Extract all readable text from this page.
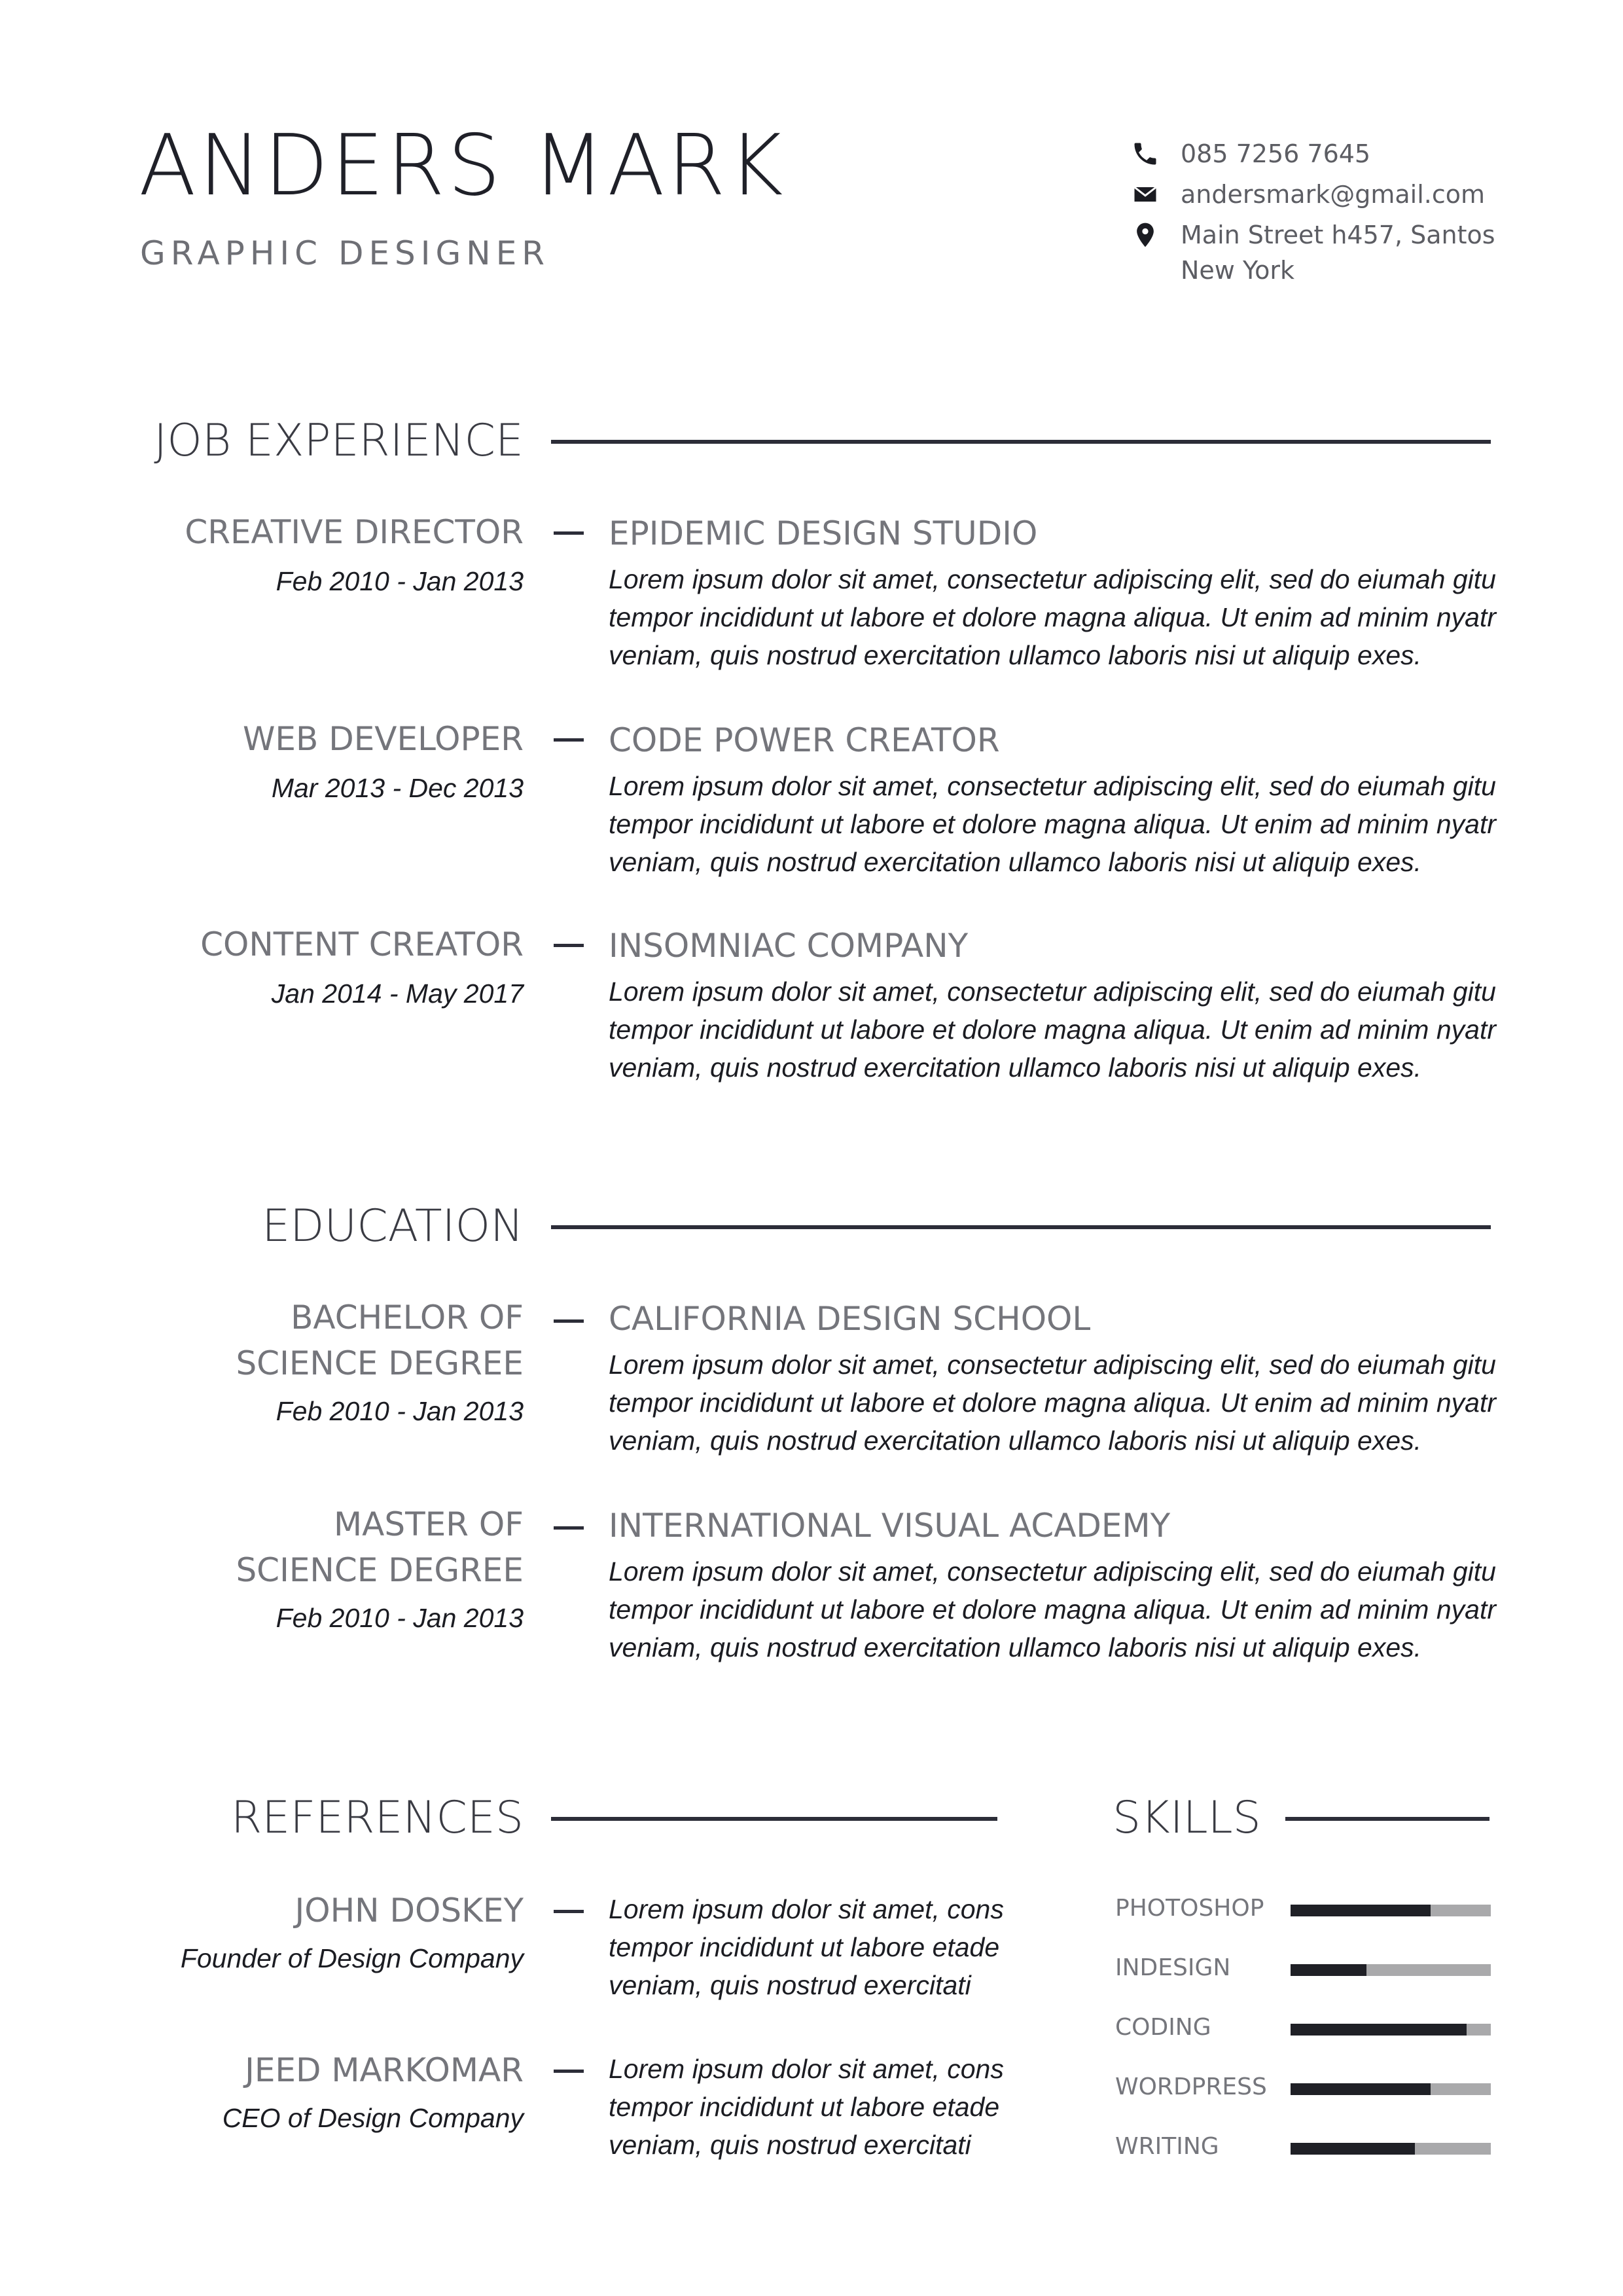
ANDERS MARK
GRAPHIC DESIGNER
085 7256 7645
andersmark@gmail.com
Main Street h457, Santos
New York
JOB EXPERIENCE
CREATIVE DIRECTOR
Feb 2010 - Jan 2013
EPIDEMIC DESIGN STUDIO
Lorem ipsum dolor sit amet, consectetur adipiscing elit, sed do eiumah gitu tempor incididunt ut labore et dolore magna aliqua. Ut enim ad minim nyatr veniam, quis nostrud exercitation ullamco laboris nisi ut aliquip exes.
WEB DEVELOPER
Mar 2013 - Dec 2013
CODE POWER CREATOR
Lorem ipsum dolor sit amet, consectetur adipiscing elit, sed do eiumah gitu tempor incididunt ut labore et dolore magna aliqua. Ut enim ad minim nyatr veniam, quis nostrud exercitation ullamco laboris nisi ut aliquip exes.
CONTENT CREATOR
Jan 2014 - May 2017
INSOMNIAC COMPANY
Lorem ipsum dolor sit amet, consectetur adipiscing elit, sed do eiumah gitu tempor incididunt ut labore et dolore magna aliqua. Ut enim ad minim nyatr veniam, quis nostrud exercitation ullamco laboris nisi ut aliquip exes.
EDUCATION
BACHELOR OF
SCIENCE DEGREE
Feb 2010 - Jan 2013
CALIFORNIA DESIGN SCHOOL
Lorem ipsum dolor sit amet, consectetur adipiscing elit, sed do eiumah gitu tempor incididunt ut labore et dolore magna aliqua. Ut enim ad minim nyatr veniam, quis nostrud exercitation ullamco laboris nisi ut aliquip exes.
MASTER OF
SCIENCE DEGREE
Feb 2010 - Jan 2013
INTERNATIONAL VISUAL ACADEMY
Lorem ipsum dolor sit amet, consectetur adipiscing elit, sed do eiumah gitu tempor incididunt ut labore et dolore magna aliqua. Ut enim ad minim nyatr veniam, quis nostrud exercitation ullamco laboris nisi ut aliquip exes.
REFERENCES
JOHN DOSKEY
Founder of Design Company
Lorem ipsum dolor sit amet, cons tempor incididunt ut labore etade veniam, quis nostrud exercitati
JEED MARKOMAR
CEO of Design Company
Lorem ipsum dolor sit amet, cons tempor incididunt ut labore etade veniam, quis nostrud exercitati
SKILLS
PHOTOSHOP
INDESIGN
CODING
WORDPRESS
WRITING
